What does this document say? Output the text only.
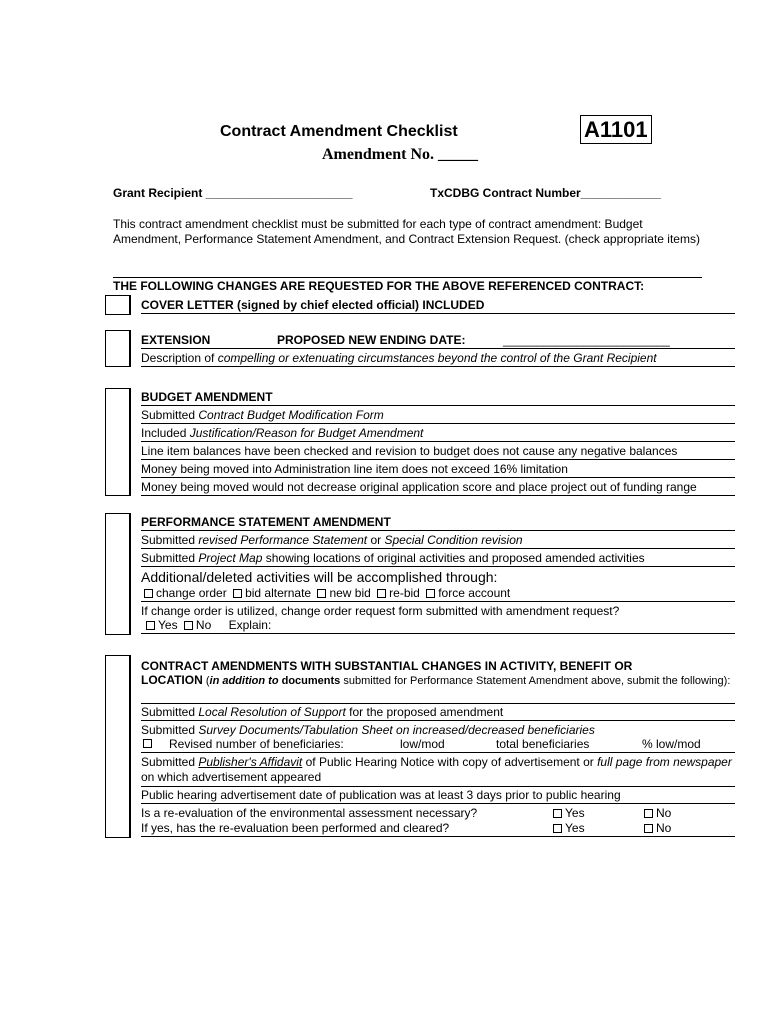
Contract Amendment Checklist	A1101
Amendment No. _____
Grant Recipient ______________________	TxCDBG Contract Number____________
This contract amendment checklist must be submitted for each type of contract amendment: Budget Amendment, Performance Statement Amendment, and Contract Extension Request. (check appropriate items)
THE FOLLOWING CHANGES ARE REQUESTED FOR THE ABOVE REFERENCED CONTRACT:
COVER LETTER (signed by chief elected official) INCLUDED
EXTENSION	PROPOSED NEW ENDING DATE:	_________________________
Description of compelling or extenuating circumstances beyond the control of the Grant Recipient
BUDGET AMENDMENT
Submitted Contract Budget Modification Form
Included Justification/Reason for Budget Amendment
Line item balances have been checked and revision to budget does not cause any negative balances
Money being moved into Administration line item does not exceed 16% limitation
Money being moved would not decrease original application score and place project out of funding range
PERFORMANCE STATEMENT AMENDMENT
Submitted revised Performance Statement or Special Condition revision
Submitted Project Map showing locations of original activities and proposed amended activities
Additional/deleted activities will be accomplished through:
change order bid alternate new bid re-bid force account
If change order is utilized, change order request form submitted with amendment request?
Yes No Explain:
CONTRACT AMENDMENTS WITH SUBSTANTIAL CHANGES IN ACTIVITY, BENEFIT OR
LOCATION (in addition to documents submitted for Performance Statement Amendment above, submit the following):
Submitted Local Resolution of Support for the proposed amendment
Submitted Survey Documents/Tabulation Sheet on increased/decreased beneficiaries
Revised number of beneficiaries:	low/mod	total beneficiaries	% low/mod
Submitted Publisher's Affidavit of Public Hearing Notice with copy of advertisement or full page from newspaper on which advertisement appeared
Public hearing advertisement date of publication was at least 3 days prior to public hearing
Is a re-evaluation of the environmental assessment necessary?	Yes	No
If yes, has the re-evaluation been performed and cleared?	Yes	No
